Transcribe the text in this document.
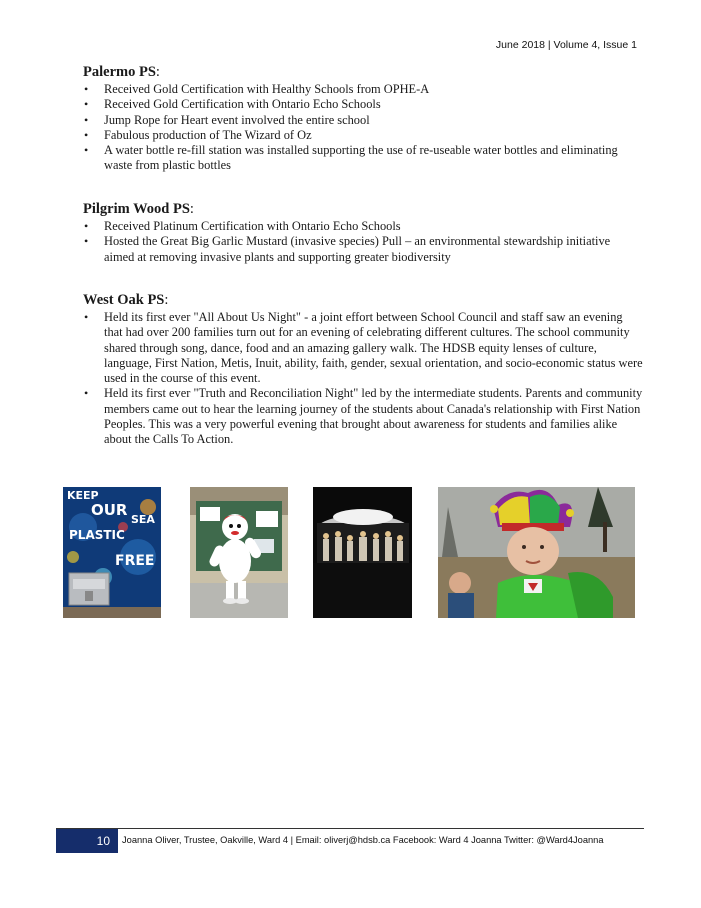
June 2018 | Volume 4, Issue 1
Palermo PS:
• Received Gold Certification with Healthy Schools from OPHE-A
• Received Gold Certification with Ontario Echo Schools
• Jump Rope for Heart event involved the entire school
• Fabulous production of The Wizard of Oz
• A water bottle re-fill station was installed supporting the use of re-useable water bottles and eliminating waste from plastic bottles
Pilgrim Wood PS:
• Received Platinum Certification with Ontario Echo Schools
• Hosted the Great Big Garlic Mustard (invasive species) Pull – an environmental stewardship initiative aimed at removing invasive plants and supporting greater biodiversity
West Oak PS:
• Held its first ever "All About Us Night" - a joint effort between School Council and staff saw an evening that had over 200 families turn out for an evening of celebrating different cultures. The school community shared through song, dance, food and an amazing gallery walk. The HDSB equity lenses of culture, language, First Nation, Metis, Inuit, ability, faith, gender, sexual orientation, and socio-economic status were used in the course of this event.
• Held its first ever "Truth and Reconciliation Night" led by the intermediate students. Parents and community members came out to hear the learning journey of the students about Canada's relationship with First Nation Peoples. This was a very powerful evening that brought about awareness for students and families alike about the Calls To Action.
KEEP
OUR
SEA
PLASTIC
FREE
10 Joanna Oliver, Trustee, Oakville, Ward 4 | Email: oliverj@hdsb.ca Facebook: Ward 4 Joanna Twitter: @Ward4Joanna
